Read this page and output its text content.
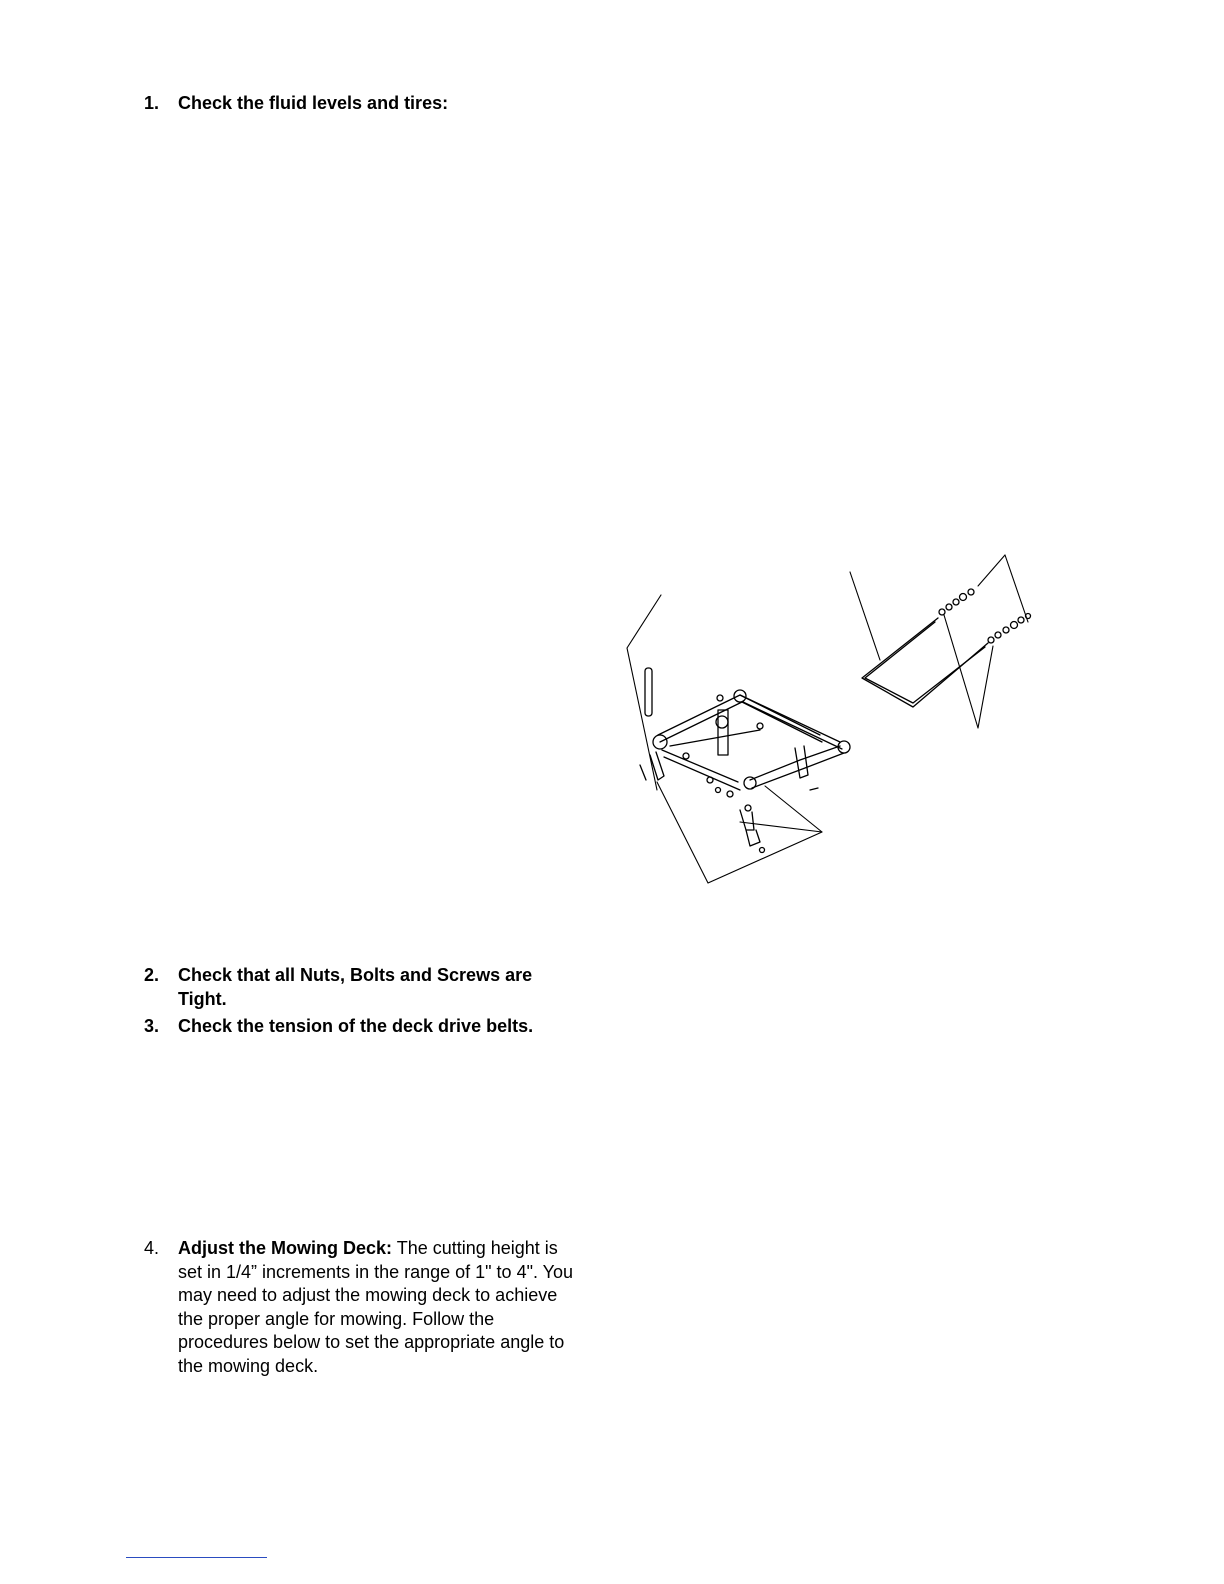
1.	Check the fluid levels and tires:
2.	Check that all Nuts, Bolts and Screws are Tight.
3.	Check the tension of the deck drive belts.
4.	Adjust the Mowing Deck: The cutting height is set in 1/4” increments in the range of 1" to 4". You may need to adjust the mowing deck to achieve the proper angle for mowing. Follow the procedures below to set the appropriate angle to the mowing deck.
